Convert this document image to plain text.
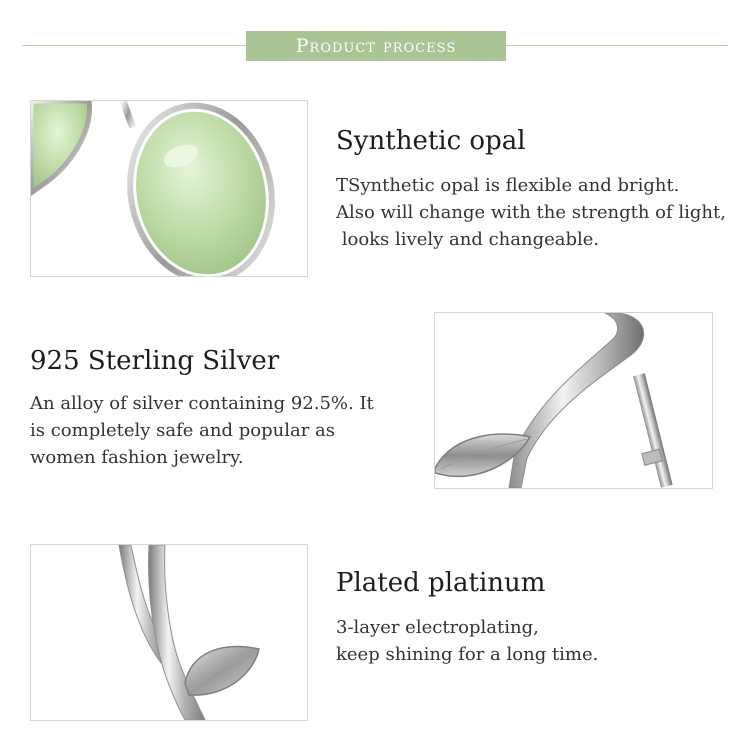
Product process
Synthetic opal

TSynthetic opal is flexible and bright.

Also will change with the strength of light,

looks lively and changeable.

925 Sterling Silver

An alloy of silver containing 92.5%. It

is completely safe and popular as

women fashion jewelry.

Plated platinum

3-layer electroplating,

keep shining for a long time.
